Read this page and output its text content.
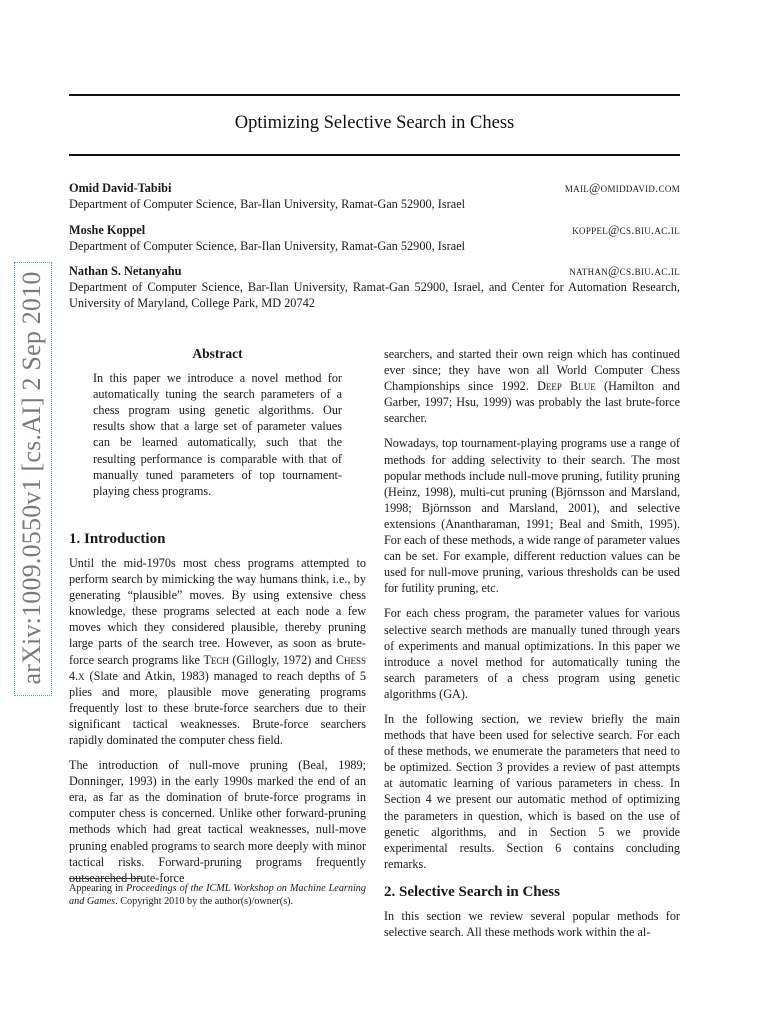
arXiv:1009.0550v1 [cs.AI] 2 Sep 2010
Optimizing Selective Search in Chess
Omid David-Tabibi	mail@omiddavid.com
Department of Computer Science, Bar-Ilan University, Ramat-Gan 52900, Israel
Moshe Koppel	koppel@cs.biu.ac.il
Department of Computer Science, Bar-Ilan University, Ramat-Gan 52900, Israel
Nathan S. Netanyahu	nathan@cs.biu.ac.il
Department of Computer Science, Bar-Ilan University, Ramat-Gan 52900, Israel, and Center for Automation Research, University of Maryland, College Park, MD 20742
Abstract
In this paper we introduce a novel method for automatically tuning the search parameters of a chess program using genetic algorithms. Our results show that a large set of parameter values can be learned automatically, such that the resulting performance is comparable with that of manually tuned parameters of top tournament-playing chess programs.
1. Introduction

Until the mid-1970s most chess programs attempted to perform search by mimicking the way humans think, i.e., by generating “plausible” moves. By using extensive chess knowledge, these programs selected at each node a few moves which they considered plausible, thereby pruning large parts of the search tree. However, as soon as brute-force search programs like Tech (Gillogly, 1972) and Chess 4.x (Slate and Atkin, 1983) managed to reach depths of 5 plies and more, plausible move generating programs frequently lost to these brute-force searchers due to their significant tactical weaknesses. Brute-force searchers rapidly dominated the computer chess field.

The introduction of null-move pruning (Beal, 1989; Donninger, 1993) in the early 1990s marked the end of an era, as far as the domination of brute-force programs in computer chess is concerned. Unlike other forward-pruning methods which had great tactical weaknesses, null-move pruning enabled programs to search more deeply with minor tactical risks. Forward-pruning programs frequently outsearched brute-force

Appearing in Proceedings of the ICML Workshop on Machine Learning and Games. Copyright 2010 by the author(s)/owner(s).

searchers, and started their own reign which has continued ever since; they have won all World Computer Chess Championships since 1992. Deep Blue (Hamilton and Garber, 1997; Hsu, 1999) was probably the last brute-force searcher.

Nowadays, top tournament-playing programs use a range of methods for adding selectivity to their search. The most popular methods include null-move pruning, futility pruning (Heinz, 1998), multi-cut pruning (Björnsson and Marsland, 1998; Björnsson and Marsland, 2001), and selective extensions (Anantharaman, 1991; Beal and Smith, 1995). For each of these methods, a wide range of parameter values can be set. For example, different reduction values can be used for null-move pruning, various thresholds can be used for futility pruning, etc.

For each chess program, the parameter values for various selective search methods are manually tuned through years of experiments and manual optimizations. In this paper we introduce a novel method for automatically tuning the search parameters of a chess program using genetic algorithms (GA).

In the following section, we review briefly the main methods that have been used for selective search. For each of these methods, we enumerate the parameters that need to be optimized. Section 3 provides a review of past attempts at automatic learning of various parameters in chess. In Section 4 we present our automatic method of optimizing the parameters in question, which is based on the use of genetic algorithms, and in Section 5 we provide experimental results. Section 6 contains concluding remarks.

2. Selective Search in Chess

In this section we review several popular methods for selective search. All these methods work within the al-
